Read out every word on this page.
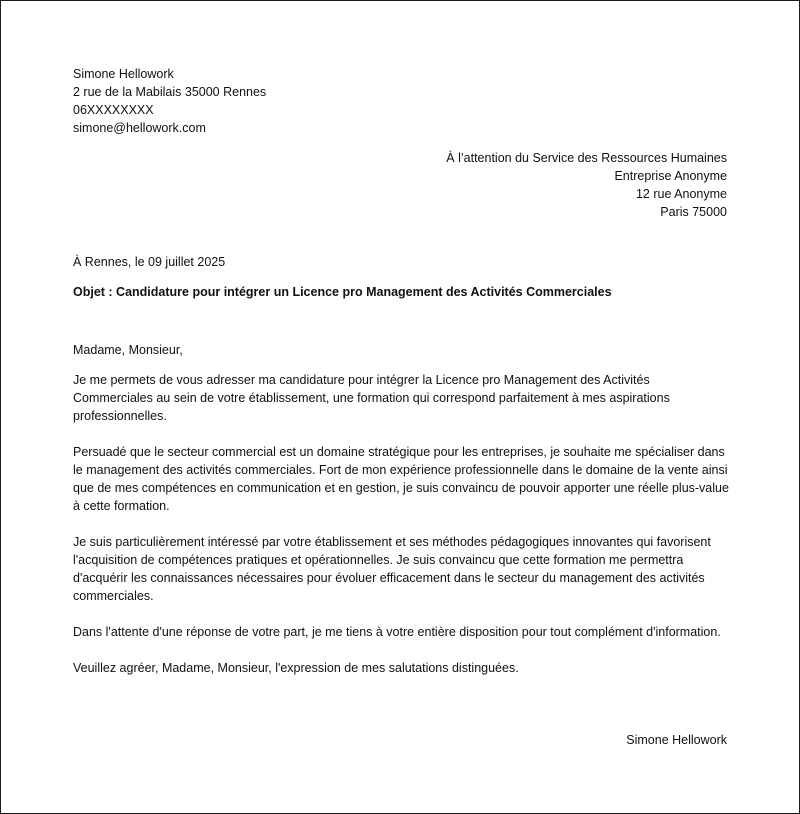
Simone Hellowork
2 rue de la Mabilais 35000 Rennes
06XXXXXXXX
simone@hellowork.com
À l’attention du Service des Ressources Humaines
Entreprise Anonyme
12 rue Anonyme
Paris 75000
À Rennes, le 09 juillet 2025
Objet : Candidature pour intégrer un Licence pro Management des Activités Commerciales
Madame, Monsieur,

Je me permets de vous adresser ma candidature pour intégrer la Licence pro Management des Activités Commerciales au sein de votre établissement, une formation qui correspond parfaitement à mes aspirations professionnelles.

Persuadé que le secteur commercial est un domaine stratégique pour les entreprises, je souhaite me spécialiser dans le management des activités commerciales. Fort de mon expérience professionnelle dans le domaine de la vente ainsi que de mes compétences en communication et en gestion, je suis convaincu de pouvoir apporter une réelle plus-value à cette formation.

Je suis particulièrement intéressé par votre établissement et ses méthodes pédagogiques innovantes qui favorisent l'acquisition de compétences pratiques et opérationnelles. Je suis convaincu que cette formation me permettra d'acquérir les connaissances nécessaires pour évoluer efficacement dans le secteur du management des activités commerciales.

Dans l'attente d'une réponse de votre part, je me tiens à votre entière disposition pour tout complément d'information.

Veuillez agréer, Madame, Monsieur, l'expression de mes salutations distinguées.

Simone Hellowork
